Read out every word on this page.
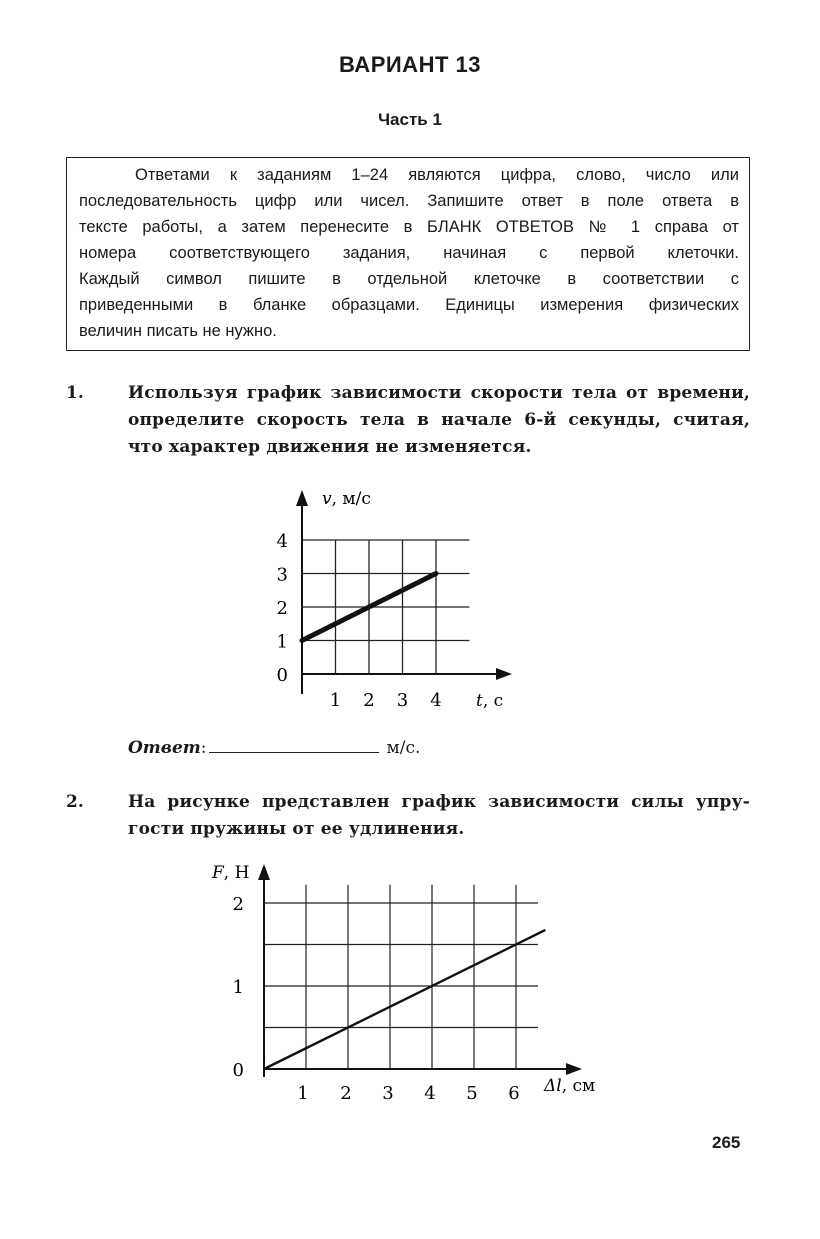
ВАРИАНТ 13
Часть 1
Ответами к заданиям 1–24 являются цифра, слово, число или
последовательность цифр или чисел. Запишите ответ в поле ответа в
тексте работы, а затем перенесите в БЛАНК ОТВЕТОВ № 1 справа от
номера соответствующего задания, начиная с первой клеточки.
Каждый символ пишите в отдельной клеточке в соответствии с
приведенными в бланке образцами. Единицы измерения физических
величин писать не нужно.
1.	Используя график зависимости скорости тела от времени,
определите скорость тела в начале 6-й секунды, считая,
что характер движения не изменяется.
1 2 3 4
1
2
3
4
0
v, м/с
t, с
Ответ:	м/с.
2.	На рисунке представлен график зависимости силы упру-
гости пружины от ее удлинения.
1 2 3 4 5 6
1
2
0
F, Н
Δl, см
265
